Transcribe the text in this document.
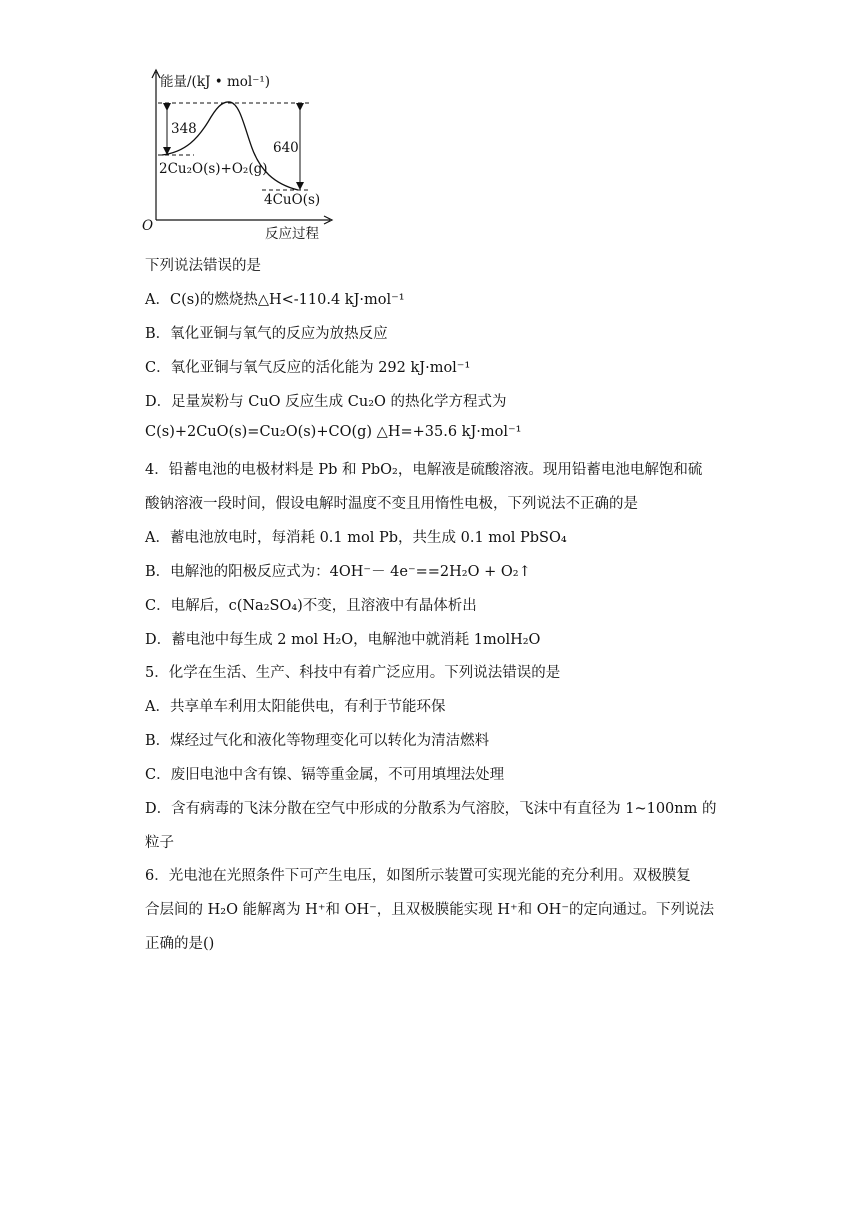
能量/(kJ • mol⁻¹)
348
640
2Cu₂O(s)+O₂(g)
4CuO(s)
O	反应过程
下列说法错误的是
A．C(s)的燃烧热△H<-110.4 kJ·mol⁻¹
B．氧化亚铜与氧气的反应为放热反应
C．氧化亚铜与氧气反应的活化能为 292 kJ·mol⁻¹
D．足量炭粉与 CuO 反应生成 Cu₂O 的热化学方程式为
C(s)+2CuO(s)=Cu₂O(s)+CO(g) △H=+35.6 kJ·mol⁻¹
4．铅蓄电池的电极材料是 Pb 和 PbO₂，电解液是硫酸溶液。现用铅蓄电池电解饱和硫
酸钠溶液一段时间，假设电解时温度不变且用惰性电极，下列说法不正确的是
A．蓄电池放电时，每消耗 0.1 mol Pb，共生成 0.1 mol PbSO₄
B．电解池的阳极反应式为：4OH⁻－ 4e⁻==2H₂O + O₂↑
C．电解后，c(Na₂SO₄)不变，且溶液中有晶体析出
D．蓄电池中每生成 2 mol H₂O，电解池中就消耗 1molH₂O
5．化学在生活、生产、科技中有着广泛应用。下列说法错误的是
A．共享单车利用太阳能供电，有利于节能环保
B．煤经过气化和液化等物理变化可以转化为清洁燃料
C．废旧电池中含有镍、镉等重金属，不可用填埋法处理
D．含有病毒的飞沫分散在空气中形成的分散系为气溶胶，飞沫中有直径为 1~100nm 的
粒子
6．光电池在光照条件下可产生电压，如图所示装置可实现光能的充分利用。双极膜复
合层间的 H₂O 能解离为 H⁺和 OH⁻，且双极膜能实现 H⁺和 OH⁻的定向通过。下列说法
正确的是()
